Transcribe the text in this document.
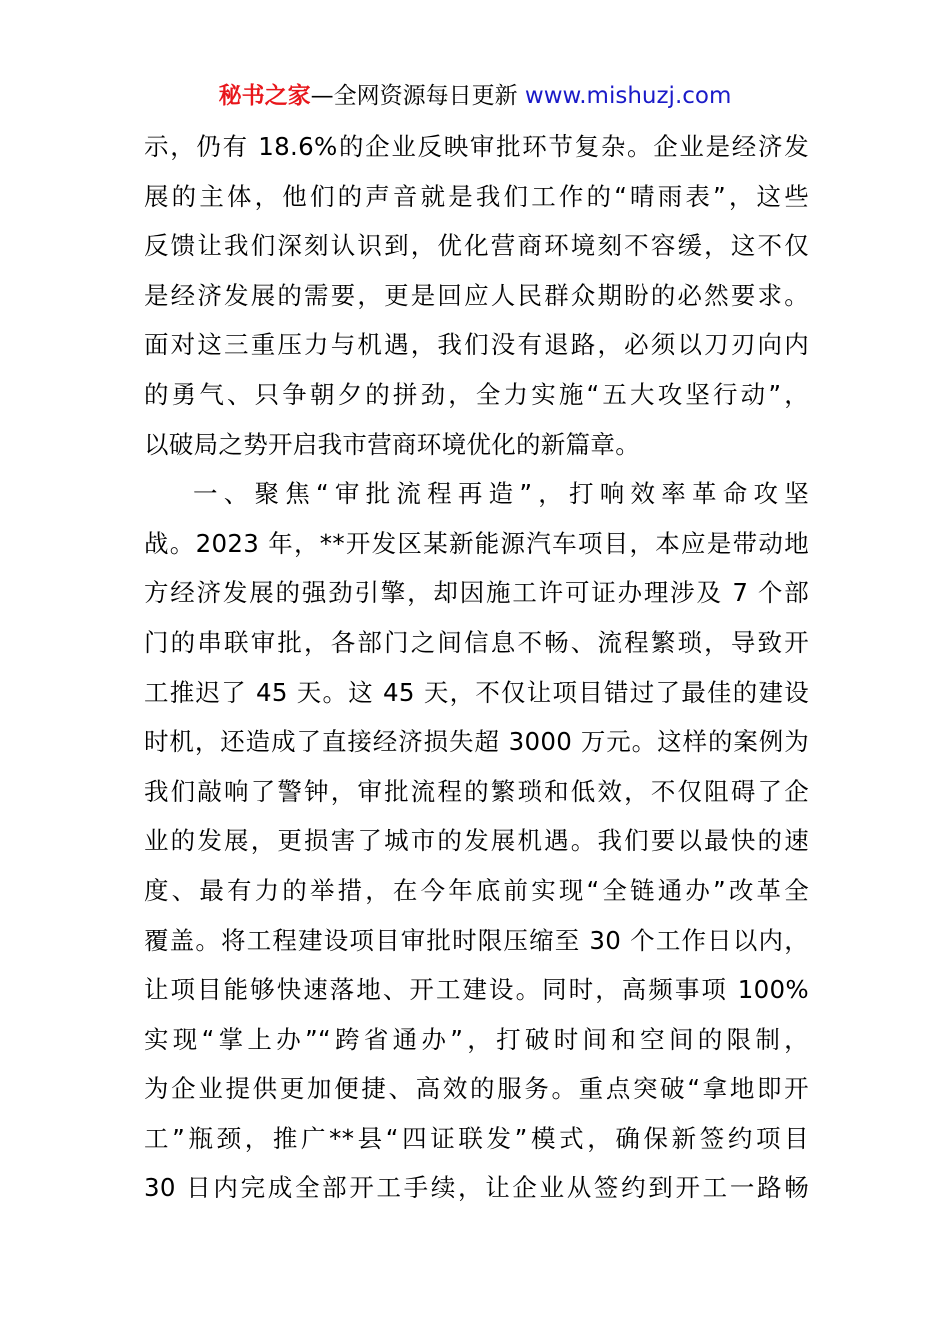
秘书之家—全网资源每日更新 www.mishuzj.com
示，仍有 18.6%的企业反映审批环节复杂。企业是经济发
展的主体，他们的声音就是我们工作的“晴雨表”，这些
反馈让我们深刻认识到，优化营商环境刻不容缓，这不仅
是经济发展的需要，更是回应人民群众期盼的必然要求。
面对这三重压力与机遇，我们没有退路，必须以刀刃向内
的勇气、只争朝夕的拼劲，全力实施“五大攻坚行动”，
以破局之势开启我市营商环境优化的新篇章。
一、聚焦“审批流程再造”，打响效率革命攻坚
战。2023 年，**开发区某新能源汽车项目，本应是带动地
方经济发展的强劲引擎，却因施工许可证办理涉及 7 个部
门的串联审批，各部门之间信息不畅、流程繁琐，导致开
工推迟了 45 天。这 45 天，不仅让项目错过了最佳的建设
时机，还造成了直接经济损失超 3000 万元。这样的案例为
我们敲响了警钟，审批流程的繁琐和低效，不仅阻碍了企
业的发展，更损害了城市的发展机遇。我们要以最快的速
度、最有力的举措，在今年底前实现“全链通办”改革全
覆盖。将工程建设项目审批时限压缩至 30 个工作日以内，
让项目能够快速落地、开工建设。同时，高频事项 100%
实现“掌上办”“跨省通办”，打破时间和空间的限制，
为企业提供更加便捷、高效的服务。重点突破“拿地即开
工”瓶颈，推广**县“四证联发”模式，确保新签约项目
30 日内完成全部开工手续，让企业从签约到开工一路畅
